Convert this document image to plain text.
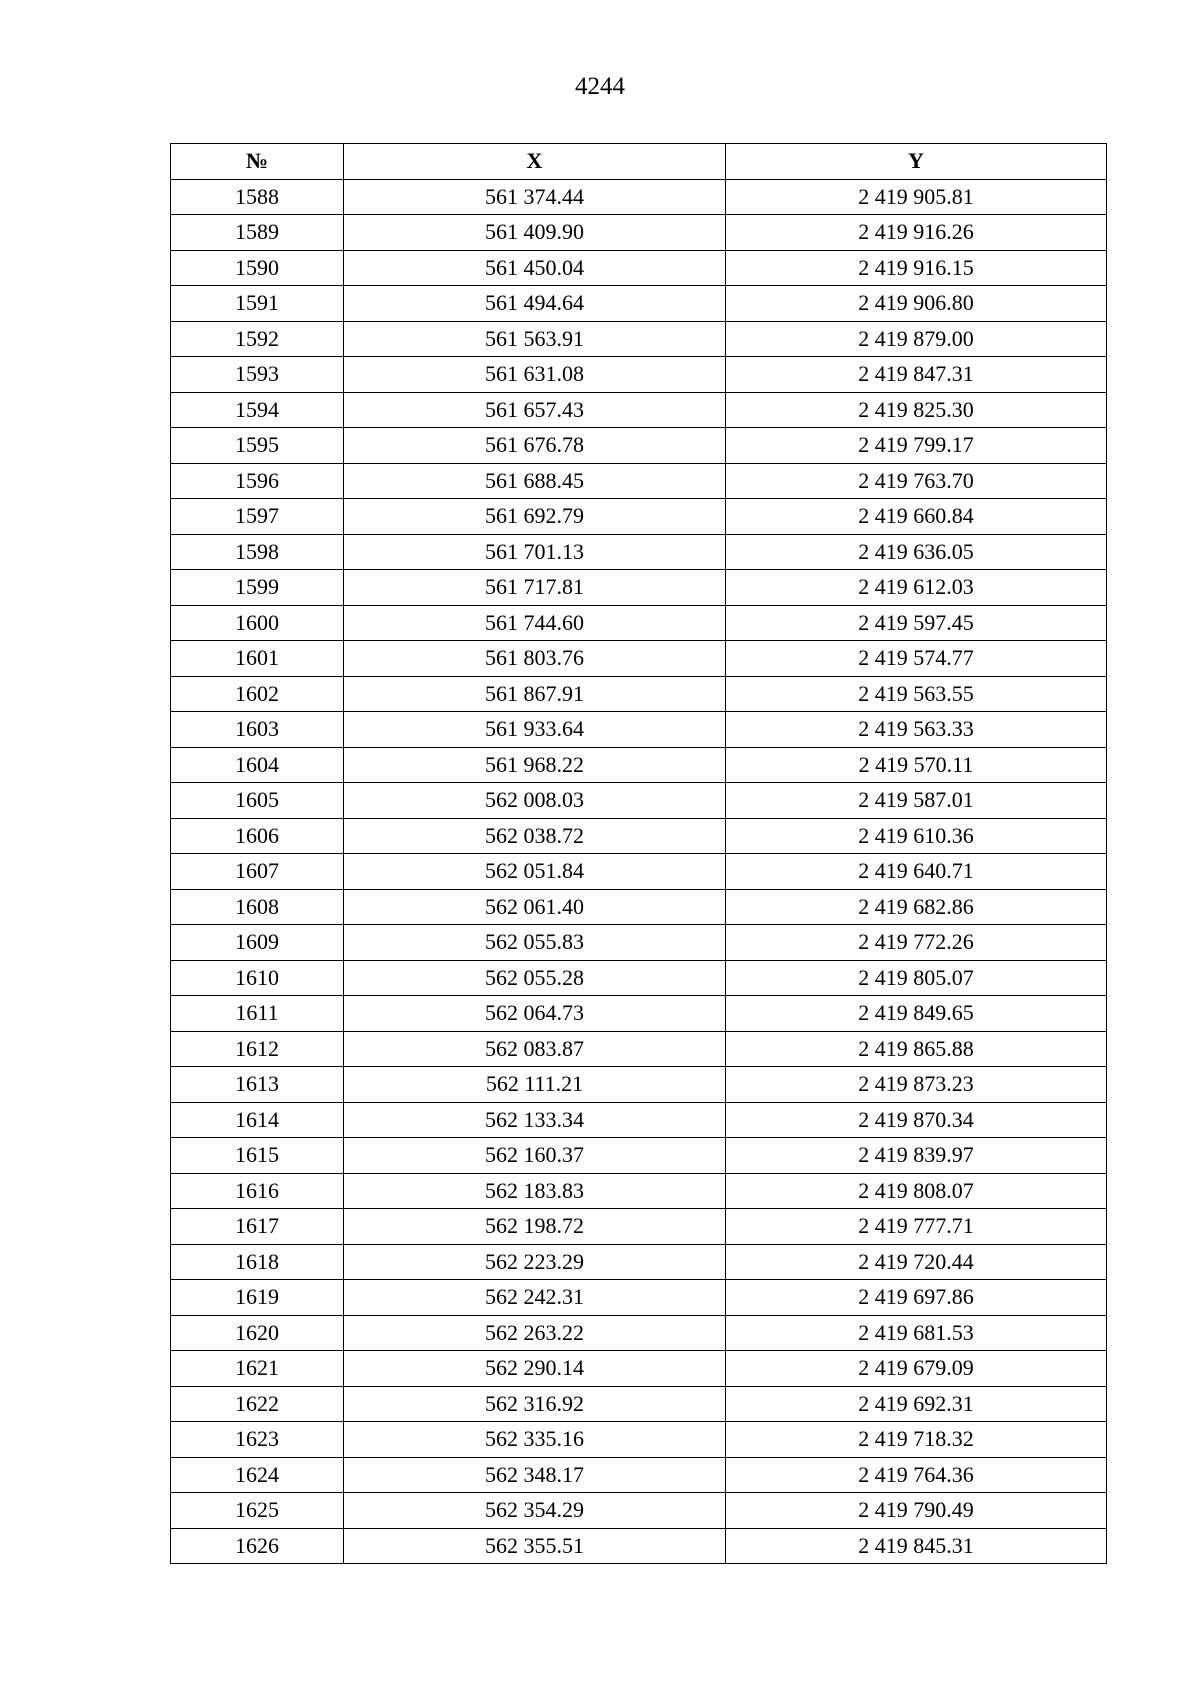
4244
№	X	Y
1588	561 374.44	2 419 905.81
1589	561 409.90	2 419 916.26
1590	561 450.04	2 419 916.15
1591	561 494.64	2 419 906.80
1592	561 563.91	2 419 879.00
1593	561 631.08	2 419 847.31
1594	561 657.43	2 419 825.30
1595	561 676.78	2 419 799.17
1596	561 688.45	2 419 763.70
1597	561 692.79	2 419 660.84
1598	561 701.13	2 419 636.05
1599	561 717.81	2 419 612.03
1600	561 744.60	2 419 597.45
1601	561 803.76	2 419 574.77
1602	561 867.91	2 419 563.55
1603	561 933.64	2 419 563.33
1604	561 968.22	2 419 570.11
1605	562 008.03	2 419 587.01
1606	562 038.72	2 419 610.36
1607	562 051.84	2 419 640.71
1608	562 061.40	2 419 682.86
1609	562 055.83	2 419 772.26
1610	562 055.28	2 419 805.07
1611	562 064.73	2 419 849.65
1612	562 083.87	2 419 865.88
1613	562 111.21	2 419 873.23
1614	562 133.34	2 419 870.34
1615	562 160.37	2 419 839.97
1616	562 183.83	2 419 808.07
1617	562 198.72	2 419 777.71
1618	562 223.29	2 419 720.44
1619	562 242.31	2 419 697.86
1620	562 263.22	2 419 681.53
1621	562 290.14	2 419 679.09
1622	562 316.92	2 419 692.31
1623	562 335.16	2 419 718.32
1624	562 348.17	2 419 764.36
1625	562 354.29	2 419 790.49
1626	562 355.51	2 419 845.31
